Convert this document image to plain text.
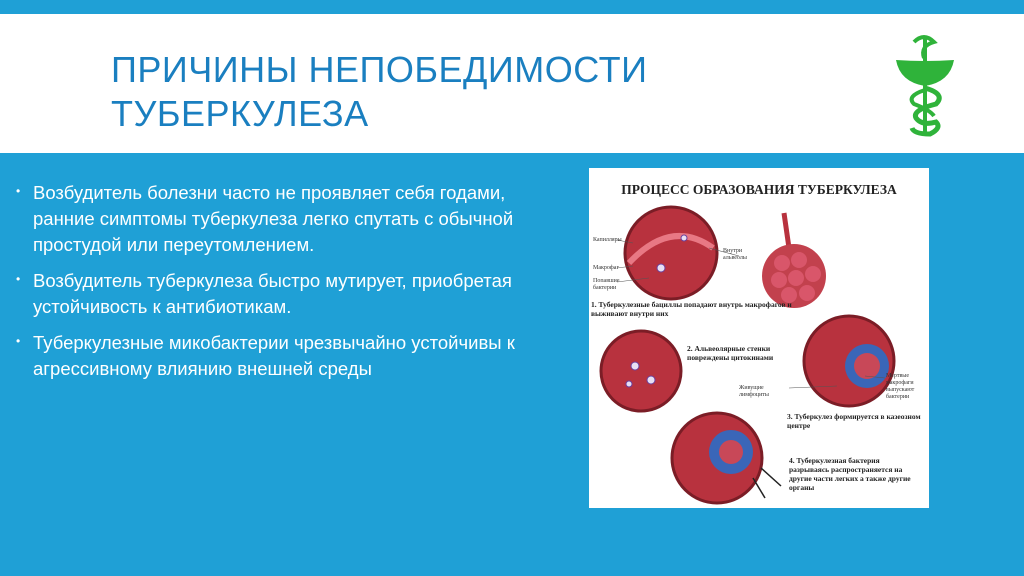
ПРИЧИНЫ НЕПОБЕДИМОСТИ
ТУБЕРКУЛЕЗА
• Возбудитель болезни часто не проявляет себя годами, ранние симптомы туберкулеза легко спутать с обычной простудой или переутомлением.
• Возбудитель туберкулеза быстро мутирует, приобретая устойчивость к антибиотикам.
• Туберкулезные микобактерии чрезвычайно устойчивы к агрессивному влиянию внешней среды
ПРОЦЕСС ОБРАЗОВАНИЯ ТУБЕРКУЛЕЗА
Капилляры
Макрофаг
Попавшие бактерии
Внутри альвеолы
Живущие лимфоциты
Мертвые макрофаги выпускают бактерии
1. Туберкулезные бациллы попадают внутрь макрофагов и выживают внутри них
2. Альвеолярные стенки повреждены цитокинами
3. Туберкулез формируется в казеозном центре
4. Туберкулезная бактерия разрываясь распространяется на другие части легких а также другие органы
